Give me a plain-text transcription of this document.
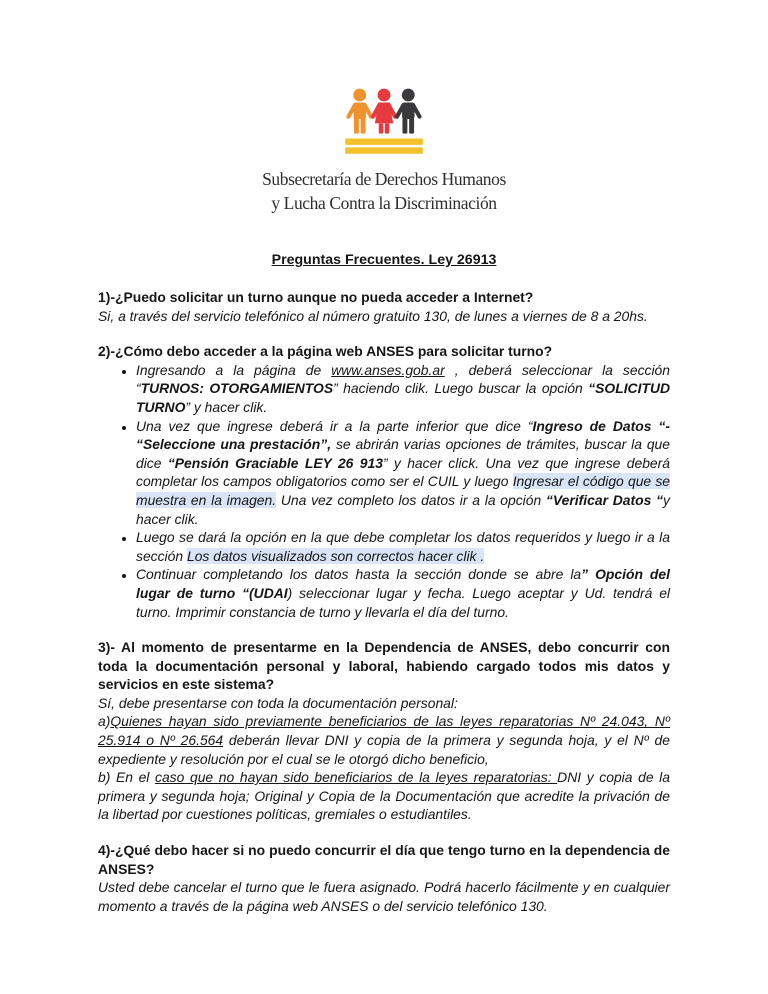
Subsecretaría de Derechos Humanos
y Lucha Contra la Discriminación
Preguntas Frecuentes. Ley 26913

1)-¿Puedo solicitar un turno aunque no pueda acceder a Internet?

Si, a través del servicio telefónico al número gratuito 130, de lunes a viernes de 8 a 20hs.

2)-¿Cómo debo acceder a la página web ANSES para solicitar turno?

• Ingresando a la página de www.anses.gob.ar , deberá seleccionar la sección “TURNOS: OTORGAMIENTOS” haciendo clik. Luego buscar la opción “SOLICITUD TURNO” y hacer clik.
• Una vez que ingrese deberá ir a la parte inferior que dice “Ingreso de Datos “- “Seleccione una prestación”, se abrirán varias opciones de trámites, buscar la que dice “Pensión Graciable LEY 26 913” y hacer click. Una vez que ingrese deberá completar los campos obligatorios como ser el CUIL y luego Ingresar el código que se muestra en la imagen. Una vez completo los datos ir a la opción “Verificar Datos “y hacer clik.
• Luego se dará la opción en la que debe completar los datos requeridos y luego ir a la sección Los datos visualizados son correctos hacer clik .
• Continuar completando los datos hasta la sección donde se abre la” Opción del lugar de turno “(UDAI) seleccionar lugar y fecha. Luego aceptar y Ud. tendrá el turno. Imprimir constancia de turno y llevarla el día del turno.

3)- Al momento de presentarme en la Dependencia de ANSES, debo concurrir con toda la documentación personal y laboral, habiendo cargado todos mis datos y servicios en este sistema?

Sí, debe presentarse con toda la documentación personal:

a)Quienes hayan sido previamente beneficiarios de las leyes reparatorias Nº 24.043, Nº 25.914 o Nº 26.564 deberán llevar DNI y copia de la primera y segunda hoja, y el Nº de expediente y resolución por el cual se le otorgó dicho beneficio,

b) En el caso que no hayan sido beneficiarios de la leyes reparatorias: DNI y copia de la primera y segunda hoja; Original y Copia de la Documentación que acredite la privación de la libertad por cuestiones políticas, gremiales o estudiantiles.

4)-¿Qué debo hacer si no puedo concurrir el día que tengo turno en la dependencia de ANSES?

Usted debe cancelar el turno que le fuera asignado. Podrá hacerlo fácilmente y en cualquier momento a través de la página web ANSES o del servicio telefónico 130.
